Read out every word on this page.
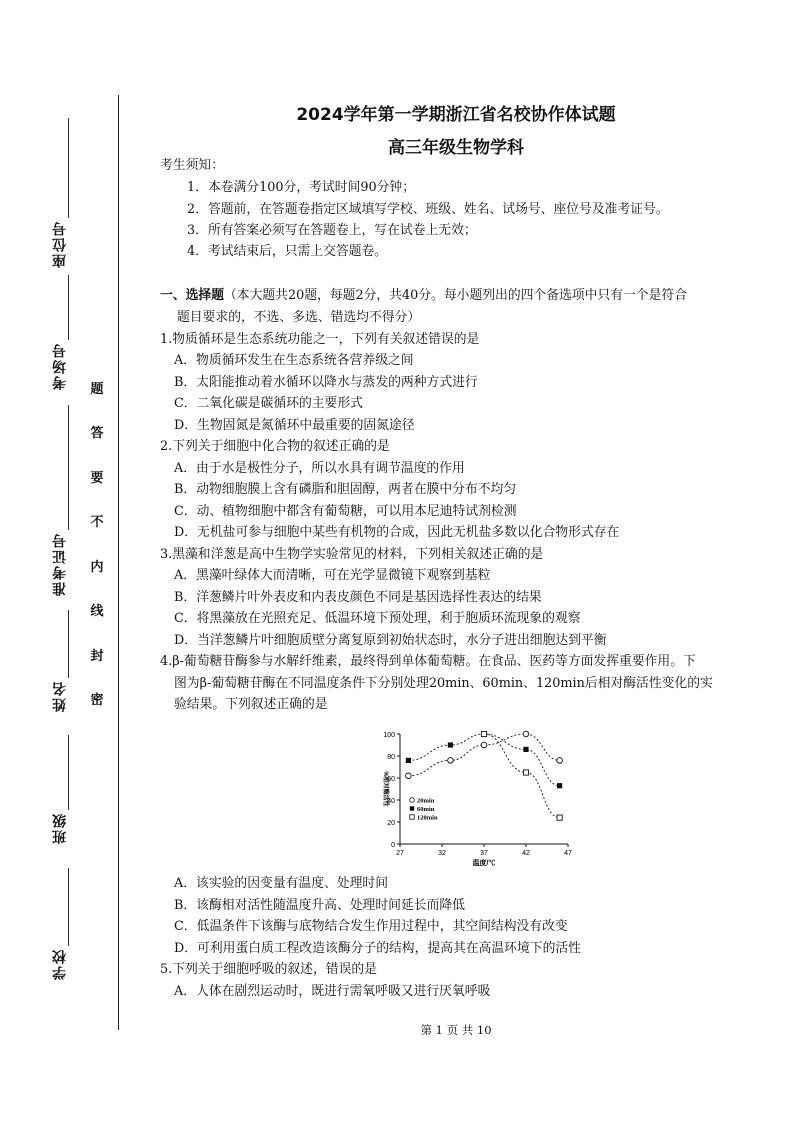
座位号
考场号
准考证号
姓名
班级
学校
题
答
要
不
内
线
封
密
2024学年第一学期浙江省名校协作体试题
高三年级生物学科
考生须知：
1．本卷满分100分，考试时间90分钟；
2．答题前，在答题卷指定区域填写学校、班级、姓名、试场号、座位号及准考证号。
3．所有答案必须写在答题卷上，写在试卷上无效；
4．考试结束后，只需上交答题卷。
一、选择题（本大题共20题，每题2分，共40分。每小题列出的四个备选项中只有一个是符合
题目要求的，不选、多选、错选均不得分）
1.物质循环是生态系统功能之一，下列有关叙述错误的是
A．物质循环发生在生态系统各营养级之间
B．太阳能推动着水循环以降水与蒸发的两种方式进行
C．二氧化碳是碳循环的主要形式
D．生物固氮是氮循环中最重要的固氮途径
2.下列关于细胞中化合物的叙述正确的是
A．由于水是极性分子，所以水具有调节温度的作用
B．动物细胞膜上含有磷脂和胆固醇，两者在膜中分布不均匀
C．动、植物细胞中都含有葡萄糖，可以用本尼迪特试剂检测
D．无机盐可参与细胞中某些有机物的合成，因此无机盐多数以化合物形式存在
3.黑藻和洋葱是高中生物学实验常见的材料，下列相关叙述正确的是
A．黑藻叶绿体大而清晰，可在光学显微镜下观察到基粒
B．洋葱鳞片叶外表皮和内表皮颜色不同是基因选择性表达的结果
C．将黑藻放在光照充足、低温环境下预处理，利于胞质环流现象的观察
D．当洋葱鳞片叶细胞质壁分离复原到初始状态时，水分子进出细胞达到平衡
4.β-葡萄糖苷酶参与水解纤维素，最终得到单体葡萄糖。在食品、医药等方面发挥重要作用。下
图为β-葡萄糖苷酶在不同温度条件下分别处理20min、60min、120min后相对酶活性变化的实
验结果。下列叙述正确的是
0
20
40
60
80
100
27	32	37	42	47
温度/℃
%相对酶活性	20min
60min
120min
A．该实验的因变量有温度、处理时间
B．该酶相对活性随温度升高、处理时间延长而降低
C．低温条件下该酶与底物结合发生作用过程中，其空间结构没有改变
D．可利用蛋白质工程改造该酶分子的结构，提高其在高温环境下的活性
5.下列关于细胞呼吸的叙述，错误的是
A．人体在剧烈运动时，既进行需氧呼吸又进行厌氧呼吸
第 1 页 共 10
